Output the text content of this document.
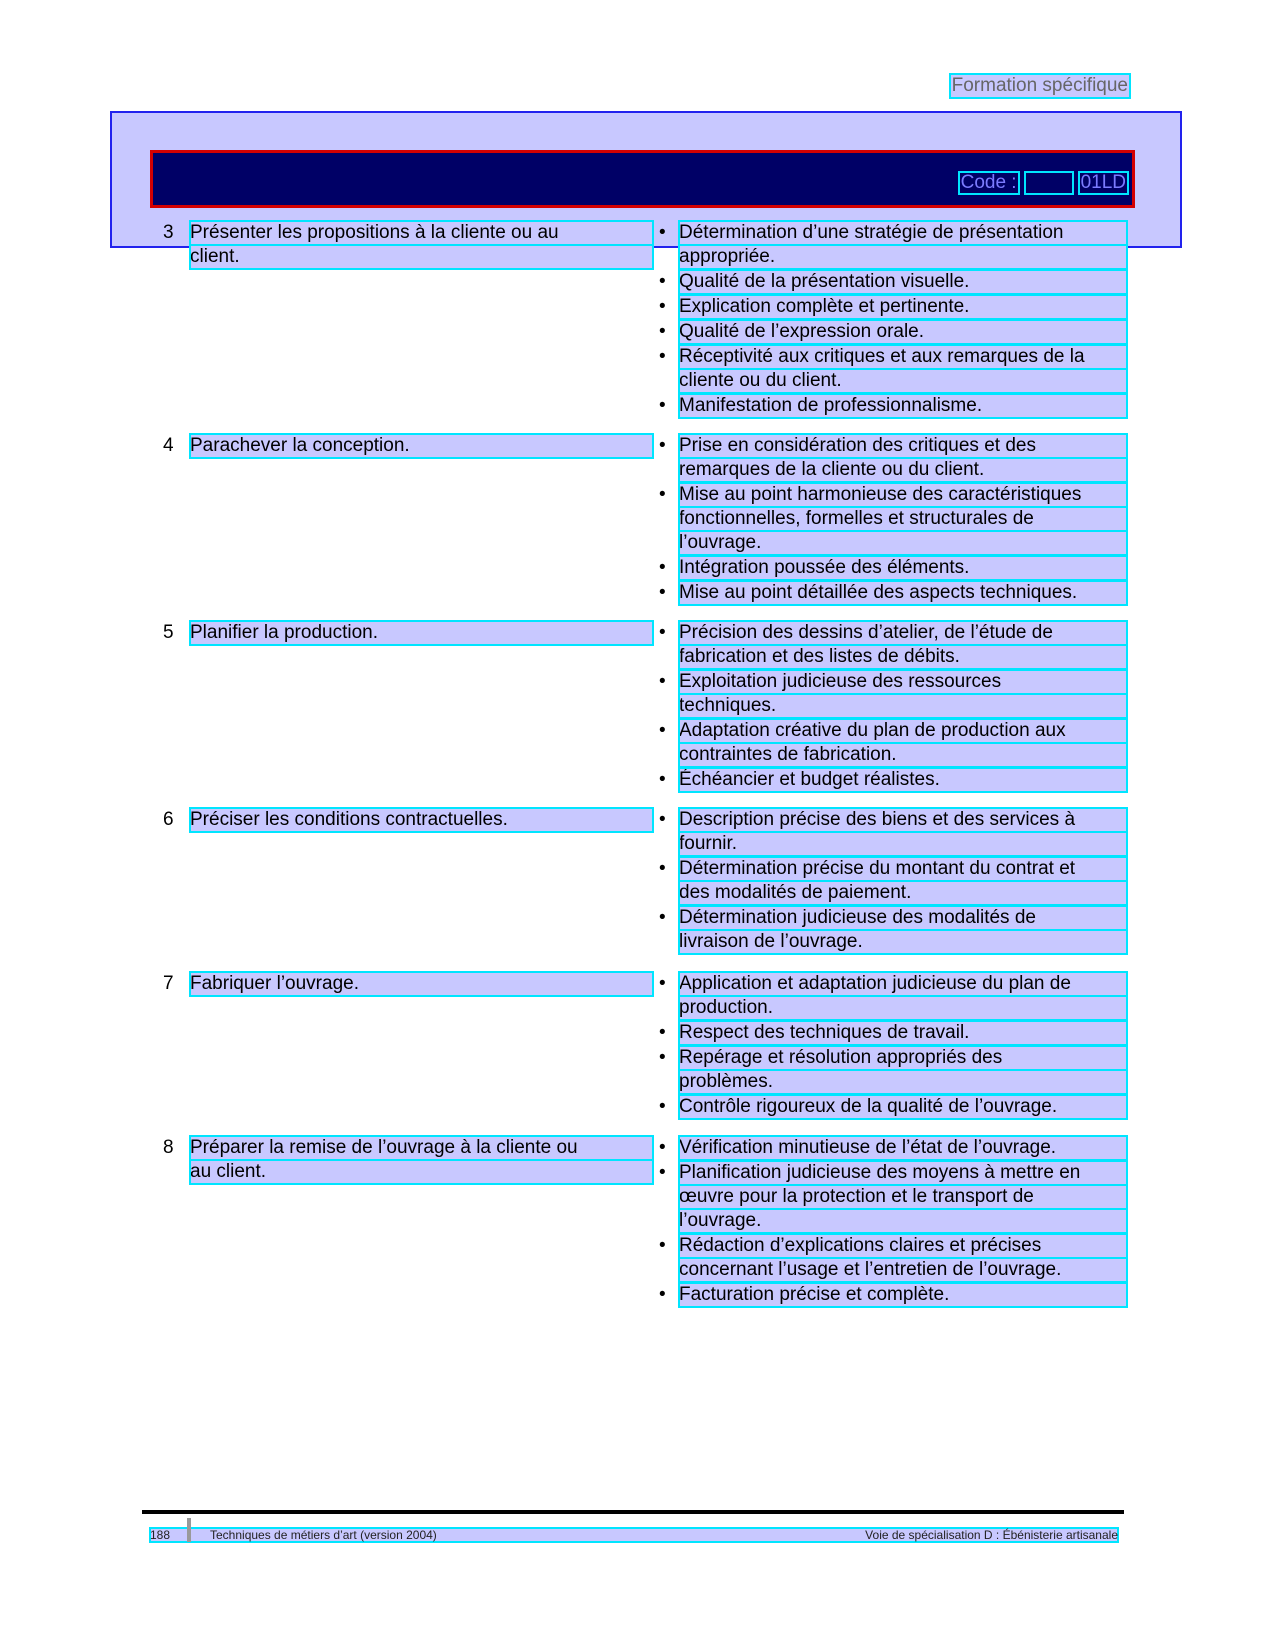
Formation spécifique
Code :	01LD
3 Présenter les propositions à la cliente ou au
client.
• Détermination d’une stratégie de présentation
appropriée.
• Qualité de la présentation visuelle.
• Explication complète et pertinente.
• Qualité de l’expression orale.
• Réceptivité aux critiques et aux remarques de la
cliente ou du client.
• Manifestation de professionnalisme.
4 Parachever la conception.	• Prise en considération des critiques et des
remarques de la cliente ou du client.
• Mise au point harmonieuse des caractéristiques
fonctionnelles, formelles et structurales de
l’ouvrage.
• Intégration poussée des éléments.
• Mise au point détaillée des aspects techniques.
5 Planifier la production.	• Précision des dessins d’atelier, de l’étude de
fabrication et des listes de débits.
• Exploitation judicieuse des ressources
techniques.
• Adaptation créative du plan de production aux
contraintes de fabrication.
• Échéancier et budget réalistes.
6 Préciser les conditions contractuelles.	• Description précise des biens et des services à
fournir.
• Détermination précise du montant du contrat et
des modalités de paiement.
• Détermination judicieuse des modalités de
livraison de l’ouvrage.
7 Fabriquer l’ouvrage.	• Application et adaptation judicieuse du plan de
production.
• Respect des techniques de travail.
• Repérage et résolution appropriés des
problèmes.
• Contrôle rigoureux de la qualité de l’ouvrage.
8 Préparer la remise de l’ouvrage à la cliente ou
au client.
• Vérification minutieuse de l’état de l’ouvrage.
• Planification judicieuse des moyens à mettre en
œuvre pour la protection et le transport de
l’ouvrage.
• Rédaction d’explications claires et précises
concernant l’usage et l’entretien de l’ouvrage.
• Facturation précise et complète.
188	Techniques de métiers d’art (version 2004)	Voie de spécialisation D : Ébénisterie artisanale
